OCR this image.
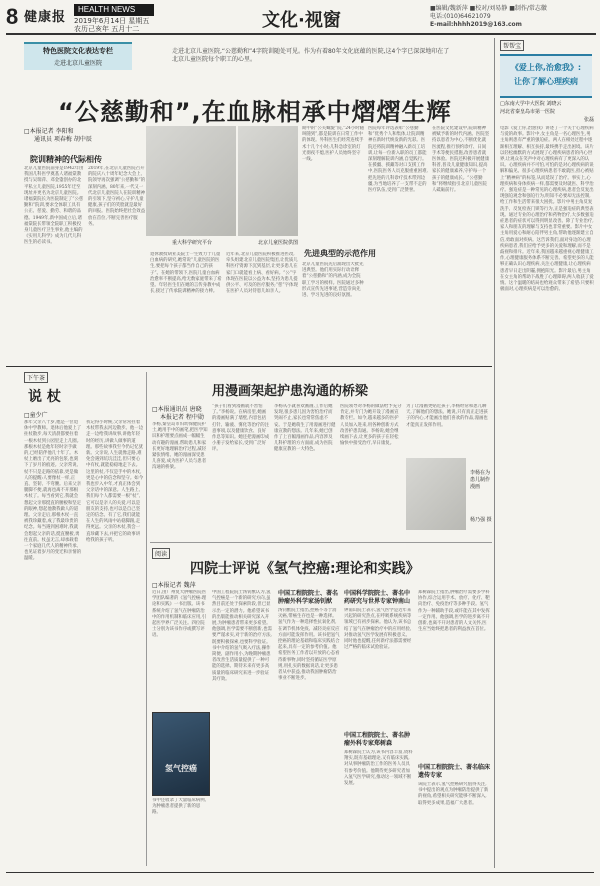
8 健康报
HEALTH NEWS
2019年6月14日 星期五
农历己亥年 五月十二	文化·视窗
■编辑/魏新萍 ■校对/刘易静 ■制作/常志徽
电话:(010)64621079
E-mail:hhhh2019@163.com
特色医院文化表达专栏
走进北京儿童医院
走进北京儿童医院,“公慈勤和”4字院训随处可见。作为有着80年文化底蕴的医院,这4个字已深深地印在了北京儿童医院每个职工的心里。
“公慈勤和”,在血脉相承中熠熠生辉
□本报记者 李阳和
通讯员 项春梅 胡中辰
重大科学研究平台	北京儿童医院供图
院训精神的代际相传
北京儿童医院前身是1942年由我国儿科医学奠基人诸福棠教授与吴瑞萍、邓金鍌创办的北平私立儿童医院,1955年迁至现址并更名为北京儿童医院。诸福棠院长为医院制定了“公慈勤和”院训,要求全体职工具有公正、慈爱、勤劳、和谐的品德。1949年,新中国成立后,诸福棠院长带领全院职工积极投身儿童医疗卫生事业,他主编的《实用儿科学》成为几代儿科医生的必读书。
2019年,在北京儿童医院召开的院庆八十周年纪念大会上,院领导再次强调“公慈勤和”的深刻内涵。80年来,一代又一代北京儿童医院人在院训精神的引领下,坚守初心,守护儿童健康,孩子们的笑脸就是最好的回报。医院始终把社会效益放在首位,不断完善医疗服务。
退休教授胡亚美院士一生致力于儿童白血病的研究,她常说“儿童医院的医生,要把每个孩子都当作自己的孩子”。在她的带领下,医院儿童白血病治愈率不断提高,给无数家庭带来了希望。年轻医生们在她的言传身教中成长,接过了传承院训精神的接力棒。
近年来,北京儿童医院积极推进医改,牵头组建北京儿童医院集团,让优质儿科医疗资源下沉到基层,让更多患儿在家门口就能看上病、看好病。“公”字体现在医院以公益为本,坚持为患儿提供公平、可及的医疗服务;“慈”字体现在医护人员对待患儿如亲人。
期中的“公关螺旋”院,“24小时随叫随到”,都是院训在日常工作中的体现。外科医生们经常连续手术十几个小时;儿科急诊室的灯光彻夜不熄,医护人员始终坚守一线。
先进典型的示范作用
北京儿童医院先后涌现出大批先进典型。他们用实际行动诠释着“公慈勤和”的内涵,成为全院职工学习的榜样。医院通过多种形式宣传先进事迹,营造崇尚先进、学习先进的良好氛围。
医院每年评选表彰“公慈勤和”优秀个人和集体,让院训精神在新时代焕发新的光彩。医院还将院训精神融入新员工培训,让每一位新入职的员工都能深刻理解院训内涵,自觉践行。在援疆、援藏等对口支援工作中,医院医务人员克服重重困难,把先进的儿科诊疗技术带到边疆,为当地培养了一支带不走的医疗队伍,受到广泛赞誉。
在医院文化建设中,院训精神被赋予新的时代内涵。医院坚持以患者为中心,不断优化就医流程,推行预约诊疗、日间手术等便民措施,改善患者就医体验。医院还积极开展健康科普,普及儿童健康知识,提高家长的健康素养,守护每一个孩子的健康成长。“公慈勤和”将继续指引北京儿童医院人砥砺前行。
帮帮宝
《爱上你,治愈我》:
让你了解心理疾病
□东南大学中大医院 刘晓云
河北省秦皇岛市第一医院
张磊
电影《爱上你,治愈我》讲述了一个关于心理疾病与爱的故事。影片中,女主角是一名心理医生,男主角则患有严重的强迫症。两人在相处过程中逐渐相互理解、相互扶持,最终携手走出困境。该片以轻松幽默的方式展现了心理疾病患者的内心世界,让观众在笑声中对心理疾病有了更深入的认识。心理疾病并不可怕,可怕的是对心理疾病的误解和偏见。很多心理疾病患者不敢就医,担心被贴上“精神病”的标签,从而延误了治疗。事实上,心理疾病和身体疾病一样,都需要及时就医、科学治疗。强迫症是一种常见的心理疾病,患者会反复出现强迫观念和强迫行为,明知不必要却无法控制,给工作和生活带来很大困扰。影片中男主角反复洗手、反复检查门锁等行为,正是强迫症的典型表现。通过专业的心理治疗和药物治疗,大多数强迫症患者的症状可以得到明显改善。除了专业治疗,家人和朋友的理解与支持也非常重要。影片中女主角用爱心和耐心陪伴男主角,帮助他逐渐建立自信,勇敢面对疾病。这告诉我们,面对身边的心理疾病患者,我们应给予更多的关爱和理解,而不是歧视和排斥。近年来,我国越来越重视心理健康工作,心理健康服务体系不断完善。希望更多的人能够正确认识心理疾病,关注心理健康,让心理疾病患者早日走出阴霾,拥抱阳光。影片最后,男主角在女主角的帮助下战胜了心理障碍,两人收获了爱情。这个温暖的结局也给观众带来了希望:只要积极面对,心理疾病是可以治愈的。
下午茶
说 杖
□童少广
那年父亲八十岁,他是一位退休中学教师。退休后他爱上了拄杖散步,每天清晨都要拄着一根木杖到公园里走上几圈。那根木杖是他年轻时亲手做的,已经陪伴他几十年了。木杖上磨出了光亮的包浆,也刻下了岁月的痕迹。父亲常说,杖不只是走路的依靠,更是做人的提醒:人要像杖一样,正直、坚韧、不弯腰。后来父亲腿脚不便,就再也离不开那根木杖了。每当看到它,我就会想起父亲那挺直的腰板和坚定的眼神,想起他教我做人的道理。父亲走后,那根木杖一直被我珍藏着,成了我最珍贵的纪念。每当遇到困难时,我就会想起父亲的话,挺直腰板,勇往直前。杖虽无言,却承载着一个家庭几代人的精神传承,也见证着岁月的变迁和亲情的温暖。
我记得小时候,父亲常常拄着木杖带我去河边散步。他一边走一边给我讲故事,讲他年轻时的经历,讲做人做事的道理。那些故事我至今仍记忆犹新。父亲说,人生就像走路,难免会遇到坑坑洼洼,但只要心中有杖,就能稳稳地走下去。这里的杖,不仅是手中的木杖,更是心中的信念和坚守。如今我也步入中年,才真正体会到父亲话中的深意。人生路上,我们每个人都需要一根“杖”,它可以是亲人的关爱,可以是朋友的支持,也可以是自己坚定的信念。有了它,我们就能在人生的风雨中站稳脚跟,走得更远。父亲的木杖,我会一直珍藏下去,并把它的故事讲给我的孩子听。
用漫画架起护患沟通的桥梁
□本报通讯员 唐晓
本报记者 程中勋
李杨,秦皇岛市妇幼保健院护士,她用手中的画笔,把医学知识和护理要点画成一幅幅生动有趣的漫画,帮助患儿和家长更好地理解治疗过程,减轻紧张情绪。她的漫画深受患儿喜爱,成为医护人员与患者沟通的桥梁。
“孩子们看到漫画就不害怕了。”李杨说。在病房里,她画的漫画贴满了墙壁,内容包括打针、输液、雾化等治疗的注意事项,以及健康饮食、良好作息等知识。她还把漫画印成小册子发给家长,受到广泛好评。
李杨从小就喜欢画画,工作后她发现,很多患儿因为害怕治疗而哭闹不止,家长也常常焦虑不安。于是她萌生了用漫画进行健康宣教的想法。几年来,她已创作了上百幅漫画作品,内容涉及儿科护理的方方面面,成为医院健康宣教的一大特色。
医院领导对李杨的做法给予充分肯定,并专门为她开设了漫画宣教专栏。如今,越来越多的医护人员加入进来,用各种创新方式改善护患沟通。李杨说,她会继续画下去,让更多的孩子在轻松愉快中接受治疗,早日康复。
为了让漫画更贴近孩子,李杨经常和患儿聊天,了解他们的想法。她说,只有真正走进孩子的内心,才能画出他们喜欢的作品,漫画也才能真正发挥作用。
李杨在为患儿制作漫画
杨乃强 摄
阅读
四院士评说《氢气控癌:理论和实践》
□本报记者 魏萍
近日,由广州复大肿瘤医院医学团队编著的《氢气控癌:理论和实践》一书出版。该书系统介绍了氢气在肿瘤防治中的作用机制和临床应用,引起医学界广泛关注。四位院士分别为该书作序或撰写评语。
氢气控癌
书中还收录了大量临床病例,为肿瘤患者提供了新的思路。
中国工程院院士汤钊猷认为,氢气控癌是一个新的研究方向,虽然目前还处于探索阶段,但已显示出一定的潜力。他希望该书的出版能推动相关研究深入开展,为肿瘤患者带来更多希望。他强调,医学需要不断创新,也需要严谨求实,对于新的治疗方法,既要积极探索,也要科学验证。书中介绍的氢气吸入疗法,操作简便、副作用小,为晚期肿瘤患者改善生活质量提供了一种可能的选择。期待未来有更多高质量的临床研究来进一步验证其疗效。
中国工程院院士、著名肿瘤外科学家汤钊猷
汤钊猷院士指出,控癌不等于消灭癌,带癌生存也是一种选择。氢气作为一种选择性抗氧化剂,在调节机体免疫、减轻炎症反应方面可能发挥作用。该书把氢气控癌的理论基础和临床实践结合起来,具有一定的参考价值。他希望医务工作者以开放的心态看待新事物,同时坚持循证医学原则,用扎实的数据说话,让更多患者从中获益,推动我国肿瘤防治事业不断进步。
中国科学院院士、著名中药研究与世界专家钟南山
钟南山院士表示,氢气医学是近年来兴起的研究热点,在呼吸系统疾病等领域已有初步探索。他认为,该书总结了氢气在肿瘤治疗中的应用经验,对推动氢气医学发展有积极意义。同时他也提醒,任何新疗法都需要经过严格的临床试验验证。
中国工程院院士、著名肿瘤外科专家郑树森
郑树森院士认为,该书内容丰富,资料翔实,既有基础理论,又有临床实践,对从事肿瘤防治工作的医务人员具有参考价值。他期待更多研究者加入氢气医学研究,推动这一领域不断发展。
郑树森院士指出,肿瘤治疗需要多学科协作,综合运用手术、放疗、化疗、靶向治疗、免疫治疗等多种手段。氢气作为一种辅助手段,或许能在其中发挥一定作用。他强调,医学的进步离不开创新,也离不开对患者的人文关怀,医生应当始终把患者的利益放在首位。
中国工程院院士、著名临床遗传专家
该院士表示,氢气控癌研究值得关注,书中提出的观点为肿瘤防治提供了新的视角,希望相关研究能够不断深入,取得更多成果,造福广大患者。
